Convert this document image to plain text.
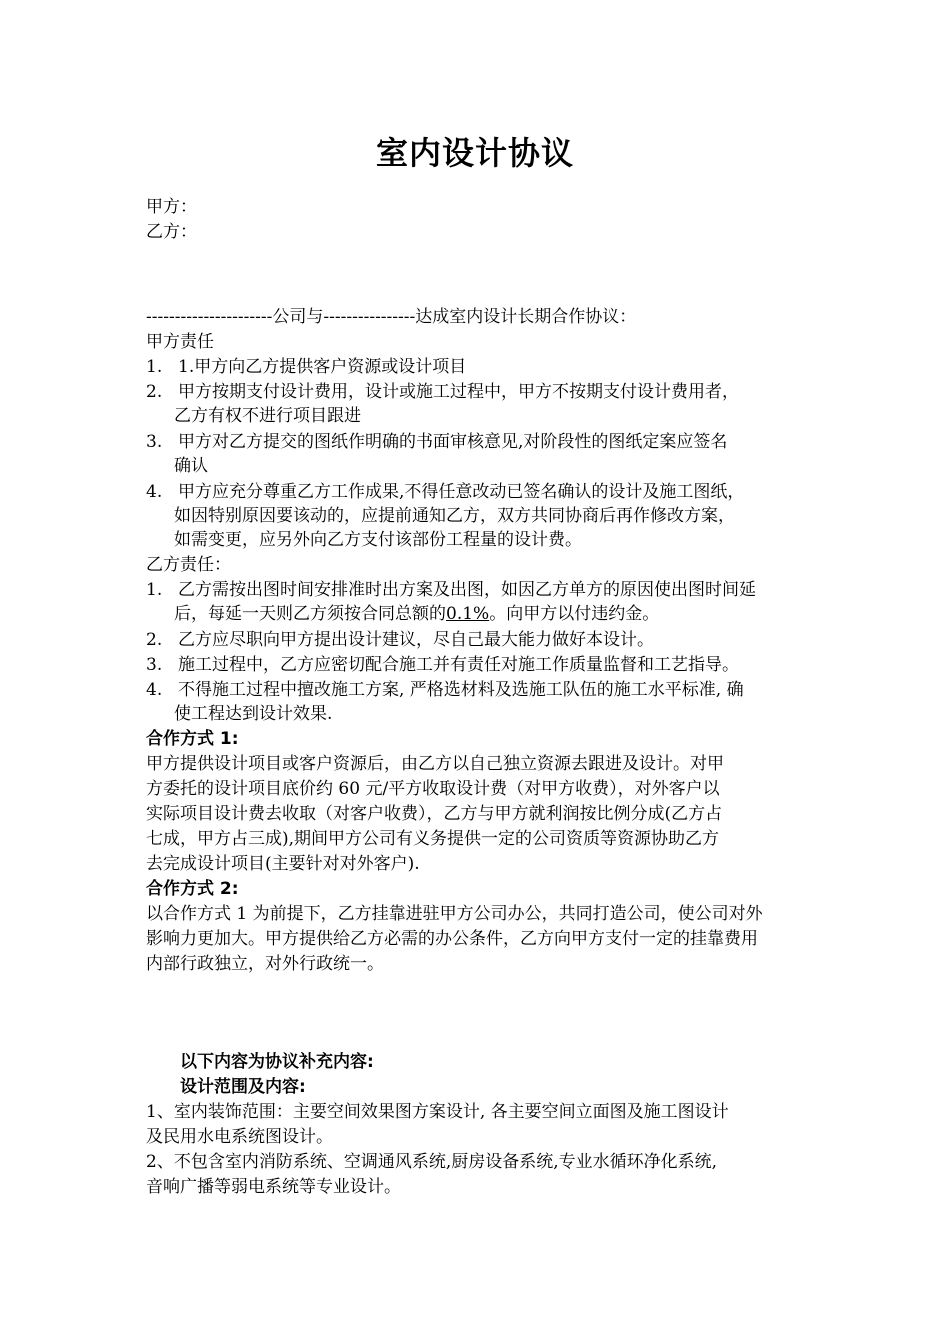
室内设计协议
甲方：
乙方：
----------------------公司与----------------达成室内设计长期合作协议：
甲方责任
1. 1.甲方向乙方提供客户资源或设计项目
2. 甲方按期支付设计费用，设计或施工过程中，甲方不按期支付设计费用者，
乙方有权不进行项目跟进
3. 甲方对乙方提交的图纸作明确的书面审核意见,对阶段性的图纸定案应签名
确认
4. 甲方应充分尊重乙方工作成果,不得任意改动已签名确认的设计及施工图纸，
如因特别原因要该动的，应提前通知乙方，双方共同协商后再作修改方案，
如需变更，应另外向乙方支付该部份工程量的设计费。
乙方责任：
1. 乙方需按出图时间安排准时出方案及出图，如因乙方单方的原因使出图时间延
后，每延一天则乙方须按合同总额的0.1%。向甲方以付违约金。
2. 乙方应尽职向甲方提出设计建议，尽自己最大能力做好本设计。
3. 施工过程中，乙方应密切配合施工并有责任对施工作质量监督和工艺指导。
4. 不得施工过程中擅改施工方案, 严格选材料及选施工队伍的施工水平标准, 确
使工程达到设计效果.
合作方式 1:
甲方提供设计项目或客户资源后，由乙方以自己独立资源去跟进及设计。对甲
方委托的设计项目底价约 60 元/平方收取设计费（对甲方收费），对外客户以
实际项目设计费去收取（对客户收费），乙方与甲方就利润按比例分成(乙方占
七成，甲方占三成),期间甲方公司有义务提供一定的公司资质等资源协助乙方
去完成设计项目(主要针对对外客户).
合作方式 2:
以合作方式 1 为前提下，乙方挂靠进驻甲方公司办公，共同打造公司，使公司对外
影响力更加大。甲方提供给乙方必需的办公条件，乙方向甲方支付一定的挂靠费用
内部行政独立，对外行政统一。
以下内容为协议补充内容:
设计范围及内容:
1、室内装饰范围：主要空间效果图方案设计, 各主要空间立面图及施工图设计
及民用水电系统图设计。
2、不包含室内消防系统、空调通风系统,厨房设备系统,专业水循环净化系统,
音响广播等弱电系统等专业设计。
